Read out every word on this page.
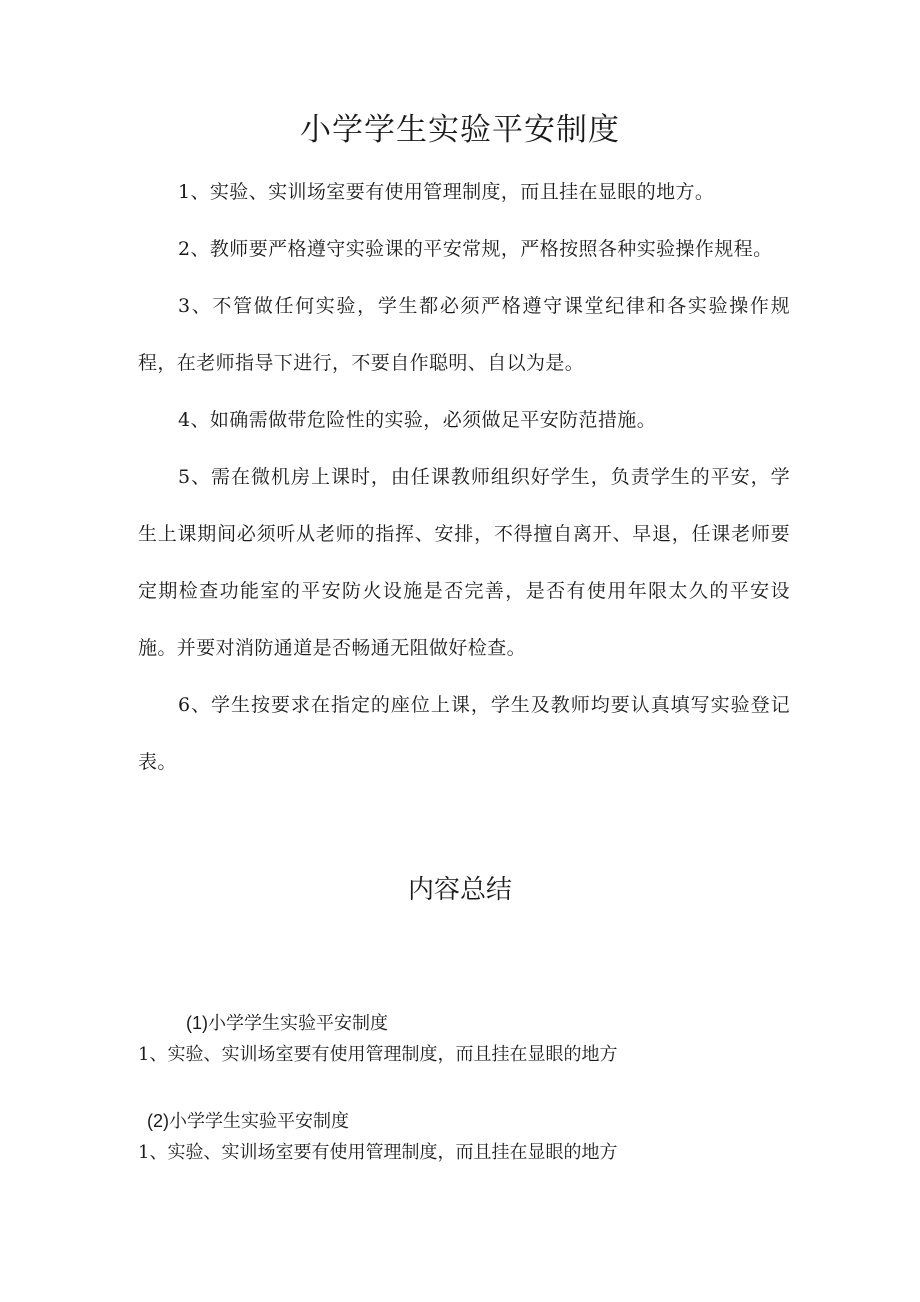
小学学生实验平安制度

1、实验、实训场室要有使用管理制度，而且挂在显眼的地方。

2、教师要严格遵守实验课的平安常规，严格按照各种实验操作规程。

3、不管做任何实验，学生都必须严格遵守课堂纪律和各实验操作规程，在老师指导下进行，不要自作聪明、自以为是。

4、如确需做带危险性的实验，必须做足平安防范措施。

5、需在微机房上课时，由任课教师组织好学生，负责学生的平安，学生上课期间必须听从老师的指挥、安排，不得擅自离开、早退，任课老师要定期检查功能室的平安防火设施是否完善，是否有使用年限太久的平安设施。并要对消防通道是否畅通无阻做好检查。

6、学生按要求在指定的座位上课，学生及教师均要认真填写实验登记表。

内容总结
(1)小学学生实验平安制度
1、实验、实训场室要有使用管理制度，而且挂在显眼的地方
(2)小学学生实验平安制度
1、实验、实训场室要有使用管理制度，而且挂在显眼的地方
